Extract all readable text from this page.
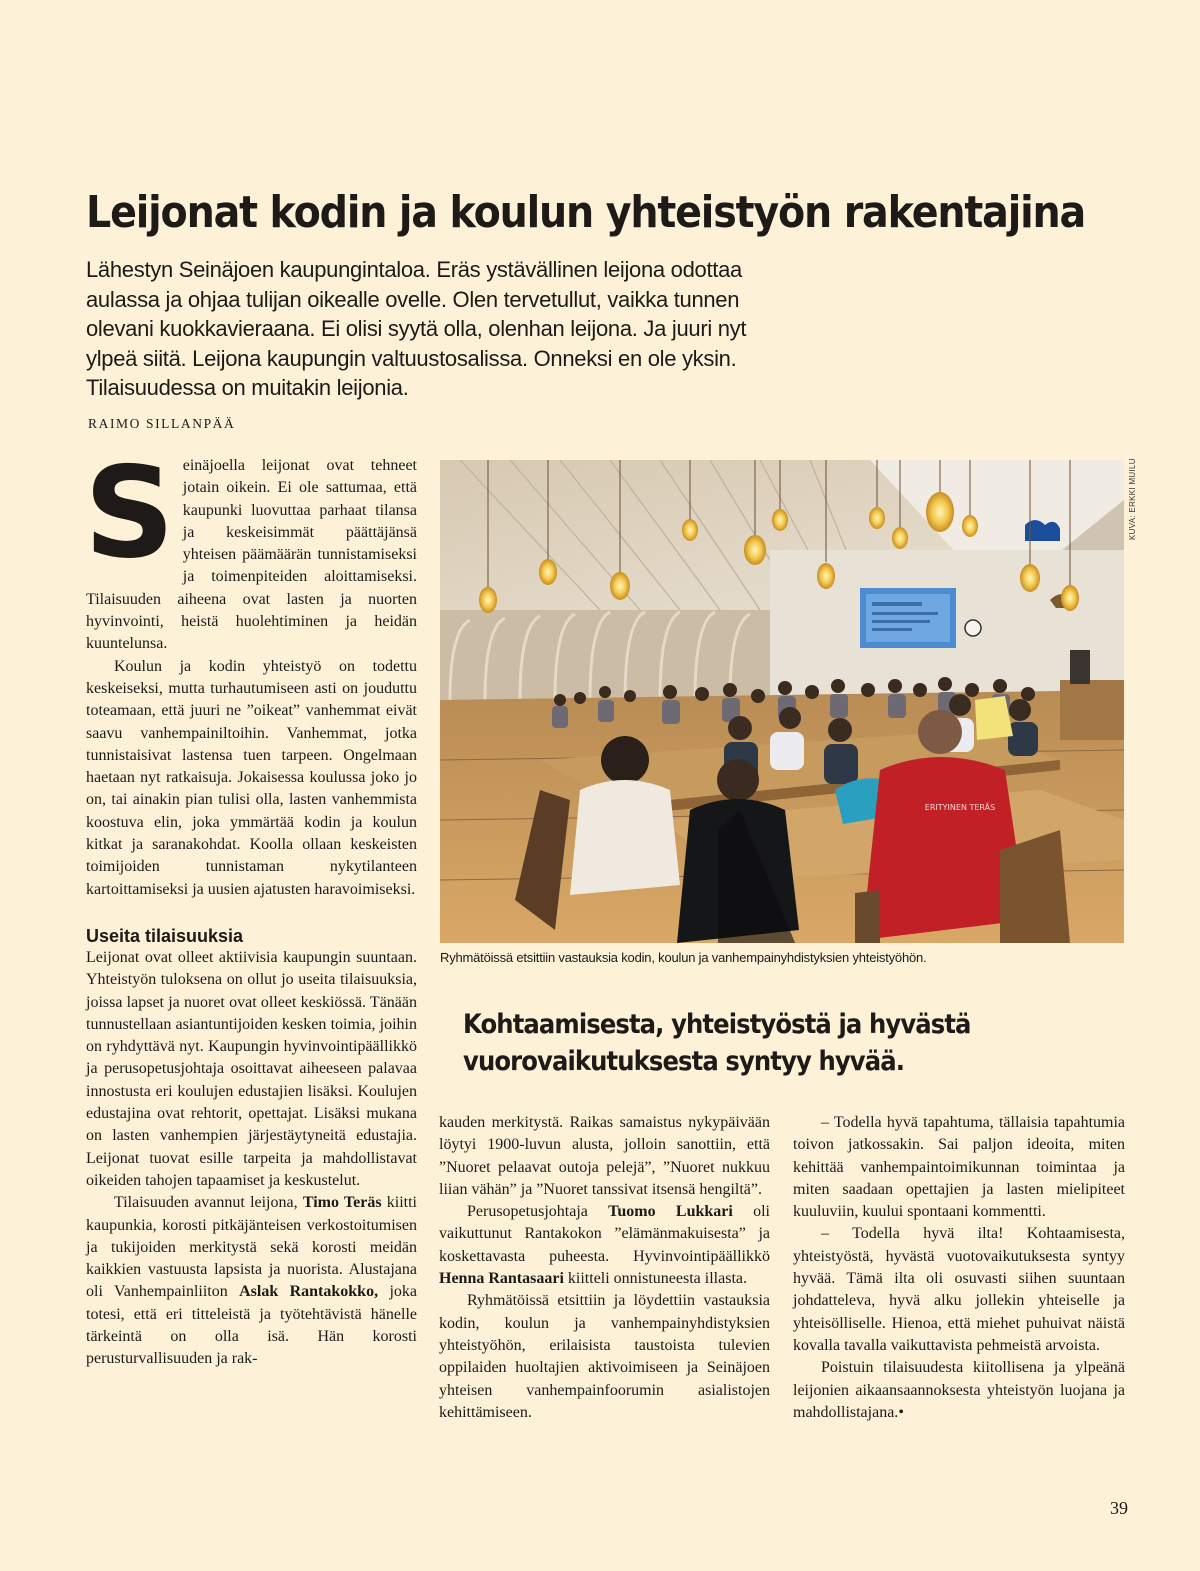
Leijonat kodin ja koulun yhteistyön rakentajina
Lähestyn Seinäjoen kaupungintaloa. Eräs ystävällinen leijona odottaa
aulassa ja ohjaa tulijan oikealle ovelle. Olen tervetullut, vaikka tunnen
olevani kuokkavieraana. Ei olisi syytä olla, olenhan leijona. Ja juuri nyt
ylpeä siitä. Leijona kaupungin valtuustosalissa. Onneksi en ole yksin.
Tilaisuudessa on muitakin leijonia.

RAIMO SILLANPÄÄ

Seinäjoella leijonat ovat tehneet jotain oikein. Ei ole sattumaa, että kaupunki luovuttaa parhaat tilansa ja keskeisimmät päättäjänsä yhteisen päämäärän tunnistamiseksi ja toimenpiteiden aloittamiseksi. Tilaisuuden aiheena ovat lasten ja nuorten hyvinvointi, heistä huolehtiminen ja heidän kuuntelunsa.

Koulun ja kodin yhteistyö on todettu keskeiseksi, mutta turhautumiseen asti on jouduttu toteamaan, että juuri ne ”oikeat” vanhemmat eivät saavu vanhempainiltoihin. Vanhemmat, jotka tunnistaisivat lastensa tuen tarpeen. Ongelmaan haetaan nyt ratkaisuja. Jokaisessa koulussa joko jo on, tai ainakin pian tulisi olla, lasten vanhemmista koostuva elin, joka ymmärtää kodin ja koulun kitkat ja saranakohdat. Koolla ollaan keskeisten toimijoiden tunnistaman nykytilanteen kartoittamiseksi ja uusien ajatusten haravoimiseksi.

Useita tilaisuuksia

Leijonat ovat olleet aktiivisia kaupungin suuntaan. Yhteistyön tuloksena on ollut jo useita tilaisuuksia, joissa lapset ja nuoret ovat olleet keskiössä. Tänään tunnustellaan asiantuntijoiden kesken toimia, joihin on ryhdyttävä nyt. Kaupungin hyvinvointipäällikkö ja perusopetusjohtaja osoittavat aiheeseen palavaa innostusta eri koulujen edustajien lisäksi. Koulujen edustajina ovat rehtorit, opettajat. Lisäksi mukana on lasten vanhempien järjestäytyneitä edustajia. Leijonat tuovat esille tarpeita ja mahdollistavat oikeiden tahojen tapaamiset ja keskustelut.

Tilaisuuden avannut leijona, Timo Teräs kiitti kaupunkia, korosti pitkäjänteisen verkostoitumisen ja tukijoiden merkitystä sekä korosti meidän kaikkien vastuusta lapsista ja nuorista. Alustajana oli Vanhempainliiton Aslak Rantakokko, joka totesi, että eri titteleistä ja työtehtävistä hänelle tärkeintä on olla isä. Hän korosti perusturvallisuuden ja rak-

ERITYINEN TERÄS
KUVA: ERKKI MUILU

Ryhmätöissä etsittiin vastauksia kodin, koulun ja vanhempainyhdistyksien yhteistyöhön.

Kohtaamisesta, yhteistyöstä ja hyvästä
vuorovaikutuksesta syntyy hyvää.

kauden merkitystä. Raikas samaistus nykypäivään löytyi 1900-luvun alusta, jolloin sanottiin, että ”Nuoret pelaavat outoja pelejä”, ”Nuoret nukkuu liian vähän” ja ”Nuoret tanssivat itsensä hengiltä”.

Perusopetusjohtaja Tuomo Lukkari oli vaikuttunut Rantakokon ”elämänmakuisesta” ja koskettavasta puheesta. Hyvinvointipäällikkö Henna Rantasaari kiitteli onnistuneesta illasta.

Ryhmätöissä etsittiin ja löydettiin vastauksia kodin, koulun ja vanhempainyhdistyksien yhteistyöhön, erilaisista taustoista tulevien oppilaiden huoltajien aktivoimiseen ja Seinäjoen yhteisen vanhempainfoorumin asialistojen kehittämiseen.

– Todella hyvä tapahtuma, tällaisia tapahtumia toivon jatkossakin. Sai paljon ideoita, miten kehittää vanhempaintoimikunnan toimintaa ja miten saadaan opettajien ja lasten mielipiteet kuuluviin, kuului spontaani kommentti.

– Todella hyvä ilta! Kohtaamisesta, yhteistyöstä, hyvästä vuotovaikutuksesta syntyy hyvää. Tämä ilta oli osuvasti siihen suuntaan johdatteleva, hyvä alku jollekin yhteiselle ja yhteisölliselle. Hienoa, että miehet puhuivat näistä kovalla tavalla vaikuttavista pehmeistä arvoista.

Poistuin tilaisuudesta kiitollisena ja ylpeänä leijonien aikaansaannoksesta yhteistyön luojana ja mahdollistajana.•

39
